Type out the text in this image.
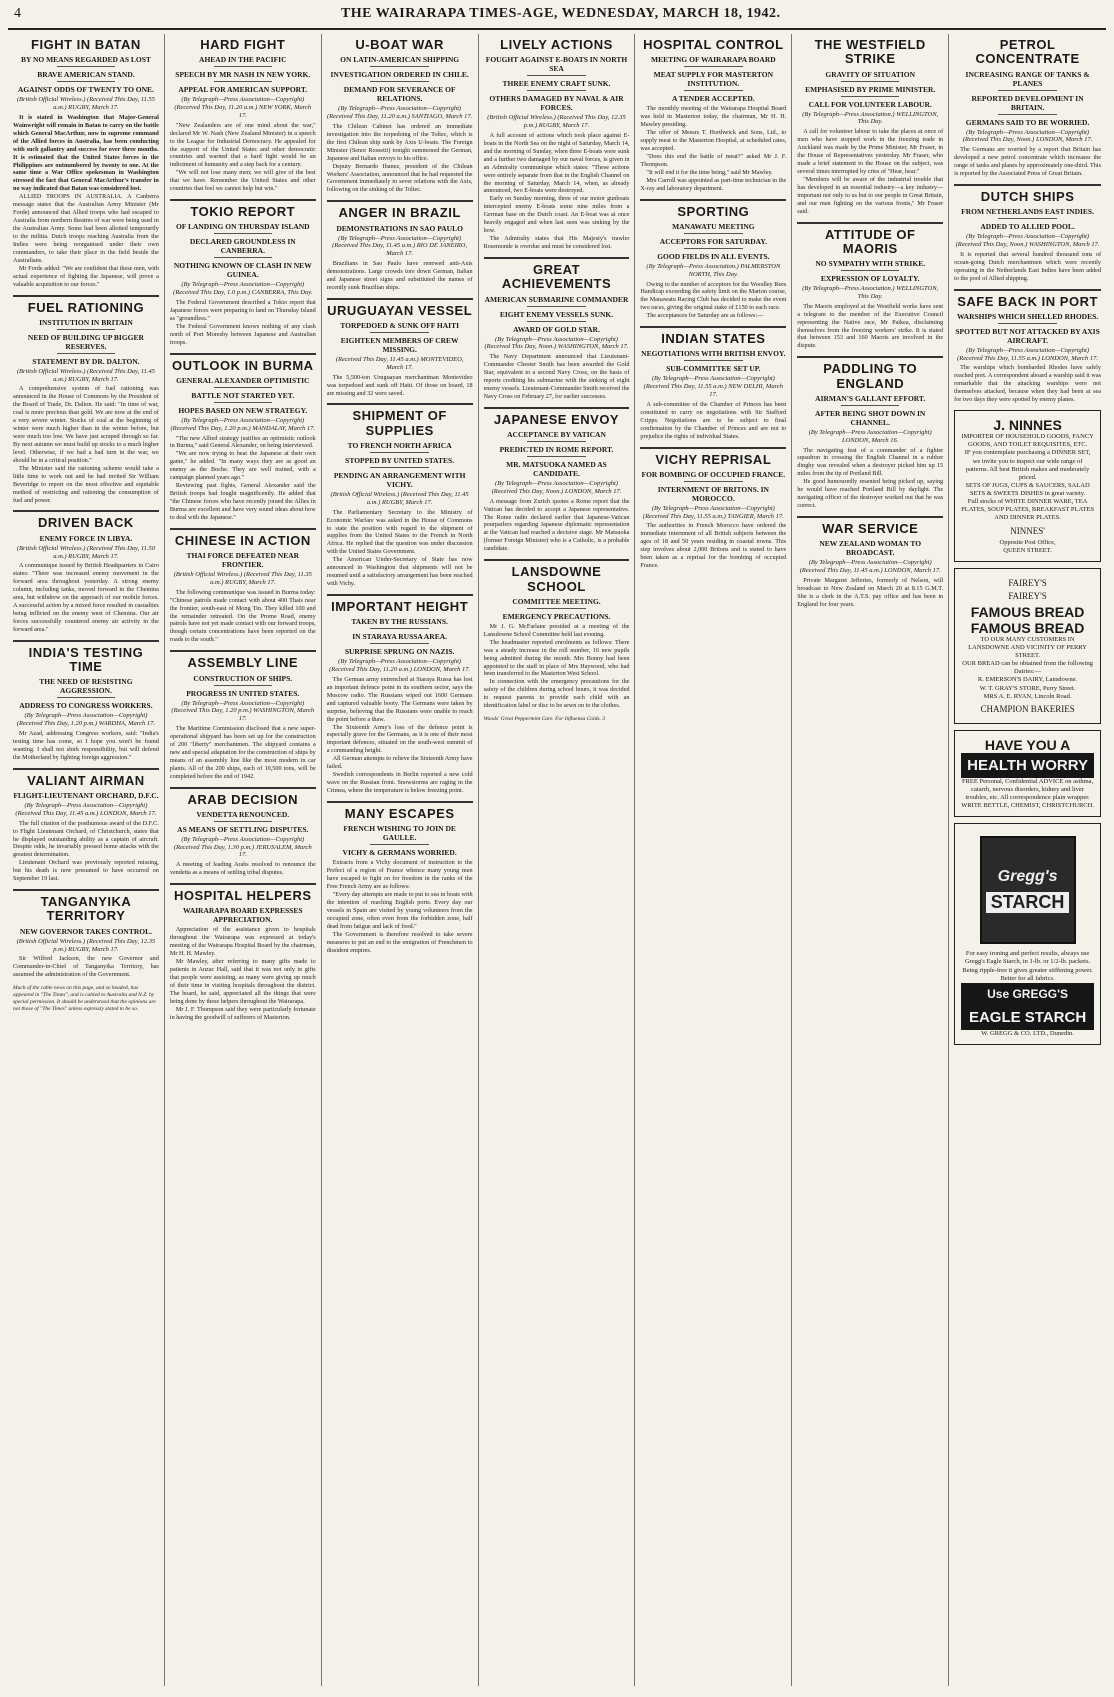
4	THE WAIRARAPA TIMES-AGE, WEDNESDAY, MARCH 18, 1942.
FIGHT IN BATAN
BY NO MEANS REGARDED AS LOST
BRAVE AMERICAN STAND.
AGAINST ODDS OF TWENTY TO ONE.
(British Official Wireless.) (Received This Day, 11.55 a.m.) RUGBY, March 17.

It is stated in Washington that Major-General Wainwright will remain in Batan to carry on the battle which General MacArthur, now in supreme command of the Allied forces in Australia, has been conducting with such gallantry and success for over three months. It is estimated that the United States forces in the Philippines are outnumbered by twenty to one. At the same time a War Office spokesman in Washington stressed the fact that General MacArthur's transfer in no way indicated that Batan was considered lost.

ALLIED TROOPS IN AUSTRALIA. A Canberra message states that the Australian Army Minister (Mr Forde) announced that Allied troops who had escaped to Australia from northern theatres of war were being used in the Australian Army. Some had been allotted temporarily to the militia. Dutch troops reaching Australia from the Indies were being reorganised under their own commanders, to take their place in the field beside the Australians.

Mr Forde added: "We are confident that these men, with actual experience of fighting the Japanese, will prove a valuable acquisition to our forces."

FUEL RATIONING
INSTITUTION IN BRITAIN
NEED OF BUILDING UP BIGGER RESERVES.
STATEMENT BY DR. DALTON.
(British Official Wireless.) (Received This Day, 11.45 a.m.) RUGBY, March 17.

A comprehensive system of fuel rationing was announced in the House of Commons by the President of the Board of Trade, Dr. Dalton. He said: "In time of war, coal is more precious than gold. We are now at the end of a very severe winter. Stocks of coal at the beginning of winter were much higher than in the winter before, but were much too low. We have just scraped through so far. By next autumn we must build up stocks to a much higher level. Otherwise, if we had a bad turn in the war, we should be in a critical position."

The Minister said the rationing scheme would take a little time to work out and he had invited Sir William Beveridge to report on the most effective and equitable method of restricting and rationing the consumption of fuel and power.

DRIVEN BACK
ENEMY FORCE IN LIBYA.
(British Official Wireless.) (Received This Day, 11.50 a.m.) RUGBY, March 17.

A communique issued by British Headquarters in Cairo states: "There was increased enemy movement in the forward area throughout yesterday. A strong enemy column, including tanks, moved forward in the Chemina area, but withdrew on the approach of our mobile forces. A successful action by a mixed force resulted in casualties being inflicted on the enemy west of Chemina. Our air forces successfully countered enemy air activity in the forward area."

INDIA'S TESTING TIME
THE NEED OF RESISTING AGGRESSION.
ADDRESS TO CONGRESS WORKERS.
(By Telegraph—Press Association—Copyright) (Received This Day, 1.20 p.m.) WARDHA, March 17.

Mr Azad, addressing Congress workers, said: "India's testing time has come, so I hope you won't be found wanting. I shall not shirk responsibility, but will defend the Motherland by fighting foreign aggression."

VALIANT AIRMAN
FLIGHT-LIEUTENANT ORCHARD, D.F.C.
(By Telegraph—Press Association—Copyright) (Received This Day, 11.45 a.m.) LONDON, March 17.

The full citation of the posthumous award of the D.F.C. to Flight Lieutenant Orchard, of Christchurch, states that he displayed outstanding ability as a captain of aircraft. Despite odds, he invariably pressed home attacks with the greatest determination.

Lieutenant Orchard was previously reported missing, but his death is now presumed to have occurred on September 19 last.

TANGANYIKA TERRITORY
NEW GOVERNOR TAKES CONTROL.
(British Official Wireless.) (Received This Day, 12.35 p.m.) RUGBY, March 17.

Sir Wilfred Jackson, the new Governor and Commander-in-Chief of Tanganyika Territory, has assumed the administration of the Government.

Much of the cable news on this page, and so headed, has appeared in "The Times", and is cabled to Australia and N.Z. by special permission. It should be understood that the opinions are not those of "The Times" unless expressly stated to be so.
HARD FIGHT
AHEAD IN THE PACIFIC
SPEECH BY MR NASH IN NEW YORK.
APPEAL FOR AMERICAN SUPPORT.
(By Telegraph—Press Association—Copyright) (Received This Day, 11.20 a.m.) NEW YORK, March 17.

"New Zealanders are of one mind about the war," declared Mr W. Nash (New Zealand Minister) in a speech to the League for Industrial Democracy. He appealed for the support of the United States and other democratic countries and warned that a hard fight would be an indictment of humanity and a step back for a century.

"We will not lose many men; we will give of the best that we have. Remember the United States and other countries that feel we cannot help but win."

TOKIO REPORT
OF LANDING ON THURSDAY ISLAND
DECLARED GROUNDLESS IN CANBERRA.
NOTHING KNOWN OF CLASH IN NEW GUINEA.
(By Telegraph—Press Association—Copyright) (Received This Day, 1.0 p.m.) CANBERRA, This Day.

The Federal Government described a Tokio report that Japanese forces were preparing to land on Thursday Island as "groundless."

The Federal Government knows nothing of any clash north of Port Moresby between Japanese and Australian troops.

OUTLOOK IN BURMA
GENERAL ALEXANDER OPTIMISTIC
BATTLE NOT STARTED YET.
HOPES BASED ON NEW STRATEGY.
(By Telegraph—Press Association—Copyright) (Received This Day, 1.20 p.m.) MANDALAY, March 17.

"The new Allied strategy justifies an optimistic outlook in Burma," said General Alexander, on being interviewed.

"We are now trying to beat the Japanese at their own game," he added. "In many ways they are as good an enemy as the Boche. They are well trained, with a campaign planned years ago."

Reviewing past fights, General Alexander said the British troops had fought magnificently. He added that "the Chinese forces who have recently joined the Allies in Burma are excellent and have very sound ideas about how to deal with the Japanese."

CHINESE IN ACTION
THAI FORCE DEFEATED NEAR FRONTIER.
(British Official Wireless.) (Received This Day, 11.35 a.m.) RUGBY, March 17.

The following communique was issued in Burma today: "Chinese patrols made contact with about 400 Thais near the frontier, south-east of Mong Tin. They killed 100 and the remainder retreated. On the Prome Road, enemy patrols have not yet made contact with our forward troops, though certain concentrations have been reported on the roads to the south."

ASSEMBLY LINE
CONSTRUCTION OF SHIPS.
PROGRESS IN UNITED STATES.
(By Telegraph—Press Association—Copyright) (Received This Day, 1.20 p.m.) WASHINGTON, March 17.

The Maritime Commission disclosed that a new super-operational shipyard has been set up for the construction of 200 "liberty" merchantmen. The shipyard contains a new and special adaptation for the construction of ships by means of an assembly line like the most modern in car plants. All of the 200 ships, each of 10,500 tons, will be completed before the end of 1942.

ARAB DECISION
VENDETTA RENOUNCED.
AS MEANS OF SETTLING DISPUTES.
(By Telegraph—Press Association—Copyright) (Received This Day, 1.30 p.m.) JERUSALEM, March 17.

A meeting of leading Arabs resolved to renounce the vendetta as a means of settling tribal disputes.

HOSPITAL HELPERS
WAIRARAPA BOARD EXPRESSES APPRECIATION.

Appreciation of the assistance given to hospitals throughout the Wairarapa was expressed at today's meeting of the Wairarapa Hospital Board by the chairman, Mr H. H. Mawley.

Mr Mawley, after referring to many gifts made to patients in Anzac Hall, said that it was not only in gifts that people were assisting, as many were giving up much of their time in visiting hospitals throughout the district. The board, he said, appreciated all the things that were being done by these helpers throughout the Wairarapa.

Mr J. F. Thompson said they were particularly fortunate in having the goodwill of sufferers of Masterton.

U-BOAT WAR
ON LATIN-AMERICAN SHIPPING
INVESTIGATION ORDERED IN CHILE.
DEMAND FOR SEVERANCE OF RELATIONS.
(By Telegraph—Press Association—Copyright) (Received This Day, 11.20 a.m.) SANTIAGO, March 17.

The Chilean Cabinet has ordered an immediate investigation into the torpedoing of the Toltec, which is the first Chilean ship sunk by Axis U-boats. The Foreign Minister (Senor Rossetti) tonight summoned the German, Japanese and Italian envoys to his office.

Deputy Bernardo Ibanez, president of the Chilean Workers' Association, announced that he had requested the Government immediately to sever relations with the Axis, following on the sinking of the Toltec.

ANGER IN BRAZIL
DEMONSTRATIONS IN SAO PAULO
(By Telegraph—Press Association—Copyright) (Received This Day, 11.45 a.m.) RIO DE JANEIRO, March 17.

Brazilians in Sao Paulo have renewed anti-Axis demonstrations. Large crowds tore down German, Italian and Japanese street signs and substituted the names of recently sunk Brazilian ships.

URUGUAYAN VESSEL
TORPEDOED & SUNK OFF HAITI
EIGHTEEN MEMBERS OF CREW MISSING.
(Received This Day, 11.45 a.m.) MONTEVIDEO, March 17.

The 5,500-ton Uruguayan merchantman Montevideo was torpedoed and sunk off Haiti. Of those on board, 18 are missing and 32 were saved.

SHIPMENT OF SUPPLIES
TO FRENCH NORTH AFRICA
STOPPED BY UNITED STATES.
PENDING AN ARRANGEMENT WITH VICHY.
(British Official Wireless.) (Received This Day, 11.45 a.m.) RUGBY, March 17.

The Parliamentary Secretary to the Ministry of Economic Warfare was asked in the House of Commons to state the position with regard to the shipment of supplies from the United States to the French in North Africa. He replied that the question was under discussion with the United States Government.

The American Under-Secretary of State has now announced in Washington that shipments will not be resumed until a satisfactory arrangement has been reached with Vichy.

IMPORTANT HEIGHT
TAKEN BY THE RUSSIANS.
IN STARAYA RUSSA AREA.
SURPRISE SPRUNG ON NAZIS.
(By Telegraph—Press Association—Copyright) (Received This Day, 11.20 a.m.) LONDON, March 17.

The German army entrenched at Staraya Russa has lost an important defence point in its southern sector, says the Moscow radio. The Russians wiped out 1600 Germans and captured valuable booty. The Germans were taken by surprise, believing that the Russians were unable to reach the point before a thaw.

The Sixteenth Army's loss of the defence point is especially grave for the Germans, as it is one of their most important defences, situated on the south-west summit of a commanding height.

All German attempts to relieve the Sixteenth Army have failed.

Swedish correspondents in Berlin reported a new cold wave on the Russian front. Snowstorms are raging in the Crimea, where the temperature is below freezing point.

MANY ESCAPES
FRENCH WISHING TO JOIN DE GAULLE.
VICHY & GERMANS WORRIED.

Extracts from a Vichy document of instruction to the Prefect of a region of France whence many young men have escaped to fight on for freedom in the ranks of the Free French Army are as follows:

"Every day attempts are made to put to sea in boats with the intention of reaching English ports. Every day our vessels in Spain are visited by young volunteers from the occupied zone, often even from the forbidden zone, half dead from fatigue and lack of food."

The Government is therefore resolved to take severe measures to put an end to the emigration of Frenchmen to dissident empires.

LIVELY ACTIONS
FOUGHT AGAINST E-BOATS IN NORTH SEA
THREE ENEMY CRAFT SUNK.
OTHERS DAMAGED BY NAVAL & AIR FORCES.
(British Official Wireless.) (Received This Day, 12.35 p.m.) RUGBY, March 17.

A full account of actions which took place against E-boats in the North Sea on the night of Saturday, March 14, and the morning of Sunday, when three E-boats were sunk and a further two damaged by our naval forces, is given in an Admiralty communique which states: "These actions were entirely separate from that in the English Channel on the morning of Saturday, March 14, when, as already announced, two E-boats were destroyed.

Early on Sunday morning, three of our motor gunboats intercepted enemy E-boats some nine miles from a German base on the Dutch coast. An E-boat was at once heavily engaged and when last seen was sinking by the bow.

The Admiralty states that His Majesty's trawler Rosemonde is overdue and must be considered lost.

GREAT ACHIEVEMENTS
AMERICAN SUBMARINE COMMANDER
EIGHT ENEMY VESSELS SUNK.
AWARD OF GOLD STAR.
(By Telegraph—Press Association—Copyright) (Received This Day, Noon.) WASHINGTON, March 17.

The Navy Department announced that Lieutenant-Commander Chester Smith has been awarded the Gold Star, equivalent to a second Navy Cross, on the basis of reports crediting his submarine with the sinking of eight enemy vessels. Lieutenant-Commander Smith received the Navy Cross on February 27, for earlier successes.

JAPANESE ENVOY
ACCEPTANCE BY VATICAN
PREDICTED IN ROME REPORT.
MR. MATSUOKA NAMED AS CANDIDATE.
(By Telegraph—Press Association—Copyright) (Received This Day, Noon.) LONDON, March 17.

A message from Zurich quotes a Rome report that the Vatican has decided to accept a Japanese representative. The Rome radio declared earlier that Japanese-Vatican pourparlers regarding Japanese diplomatic representation at the Vatican had reached a decisive stage. Mr Matsuoka (former Foreign Minister) who is a Catholic, is a probable candidate.

LANSDOWNE SCHOOL
COMMITTEE MEETING.
EMERGENCY PRECAUTIONS.

Mr J. G. McFarlane presided at a meeting of the Lansdowne School Committee held last evening.

The headmaster reported enrolments as follows: There was a steady increase in the roll number, 16 new pupils being admitted during the month. Mrs Bonny had been appointed to the staff in place of Mrs Haywood, who had been transferred to the Masterton West School.

In connection with the emergency precautions for the safety of the children during school hours, it was decided to request parents to provide each child with an identification label or disc to be sewn on to the clothes.

Woods' Great Peppermint Cure. For Influenza Colds. 3
HOSPITAL CONTROL
MEETING OF WAIRARAPA BOARD
MEAT SUPPLY FOR MASTERTON INSTITUTION.
A TENDER ACCEPTED.

The monthly meeting of the Wairarapa Hospital Board was held in Masterton today, the chairman, Mr H. H. Mawley presiding.

The offer of Messrs T. Horthwick and Sons, Ltd., to supply meat to the Masterton Hospital, at scheduled rates, was accepted.

"Does this end the battle of meat?" asked Mr J. F. Thompson.

"It will end it for the time being," said Mr Mawley.

Mrs Carroll was appointed as part-time technician in the X-ray and laboratory department.

SPORTING
MANAWATU MEETING
ACCEPTORS FOR SATURDAY.
GOOD FIELDS IN ALL EVENTS.
(By Telegraph—Press Association.) PALMERSTON NORTH, This Day.

Owing to the number of acceptors for the Woodley Rees Handicap exceeding the safety limit on the Marton course, the Manawatu Racing Club has decided to make the event two races, giving the original stake of £150 to each race.

The acceptances for Saturday are as follows:—

INDIAN STATES
NEGOTIATIONS WITH BRITISH ENVOY.
SUB-COMMITTEE SET UP.
(By Telegraph—Press Association—Copyright) (Received This Day, 11.55 a.m.) NEW DELHI, March 17.

A sub-committee of the Chamber of Princes has been constituted to carry on negotiations with Sir Stafford Cripps. Negotiations are to be subject to final confirmation by the Chamber of Princes and are not to prejudice the rights of individual States.

VICHY REPRISAL
FOR BOMBING OF OCCUPIED FRANCE.
INTERNMENT OF BRITONS. IN MOROCCO.
(By Telegraph—Press Association—Copyright) (Received This Day, 11.55 a.m.) TANGIER, March 17.

The authorities in French Morocco have ordered the immediate internment of all British subjects between the ages of 18 and 50 years residing in coastal towns. This step involves about 2,000 Britons and is stated to have been taken as a reprisal for the bombing of occupied France.

THE WESTFIELD STRIKE
GRAVITY OF SITUATION
EMPHASISED BY PRIME MINISTER.
CALL FOR VOLUNTEER LABOUR.
(By Telegraph—Press Association.) WELLINGTON, This Day.

A call for volunteer labour to take the places at once of men who have stopped work in the freezing trade in Auckland was made by the Prime Minister, Mr Fraser, in the House of Representatives yesterday. Mr Fraser, who made a brief statement to the House on the subject, was several times interrupted by cries of "Hear, hear."

"Members will be aware of the industrial trouble that has developed in an essential industry—a key industry—important not only to us but to our people in Great Britain, and our men fighting on the various fronts," Mr Fraser said.

ATTITUDE OF MAORIS
NO SYMPATHY WITH STRIKE.
EXPRESSION OF LOYALTY.
(By Telegraph—Press Association.) WELLINGTON, This Day.

The Maoris employed at the Westfield works have sent a telegram to the member of the Executive Council representing the Native race, Mr Paikea, disclaiming themselves from the freezing workers' strike. It is stated that between 153 and 160 Maoris are involved in the dispute.

PADDLING TO ENGLAND
AIRMAN'S GALLANT EFFORT.
AFTER BEING SHOT DOWN IN CHANNEL.
(By Telegraph—Press Association—Copyright) LONDON, March 16.

The navigating feat of a commander of a fighter squadron in crossing the English Channel in a rubber dinghy was revealed when a destroyer picked him up 15 miles from the tip of Portland Bill.

He good humouredly resented being picked up, saying he would have reached Portland Bill by daylight. The navigating officer of the destroyer worked out that he was correct.

WAR SERVICE
NEW ZEALAND WOMAN TO BROADCAST.
(By Telegraph—Press Association—Copyright) (Received This Day, 11.45 a.m.) LONDON, March 17.

Private Margaret Jefferies, formerly of Nelson, will broadcast to New Zealand on March 20 at 8.15 G.M.T. She is a clerk in the A.T.S. pay office and has been in England for four years.

PETROL CONCENTRATE
INCREASING RANGE OF TANKS & PLANES
REPORTED DEVELOPMENT IN BRITAIN.
GERMANS SAID TO BE WORRIED.
(By Telegraph—Press Association—Copyright) (Received This Day, Noon.) LONDON, March 17.

The Germans are worried by a report that Britain has developed a new petrol concentrate which increases the range of tanks and planes by approximately one-third. This is reported by the Associated Press of Great Britain.

DUTCH SHIPS
FROM NETHERLANDS EAST INDIES.
ADDED TO ALLIED POOL.
(By Telegraph—Press Association—Copyright) (Received This Day, Noon.) WASHINGTON, March 17.

It is reported that several hundred thousand tons of ocean-going Dutch merchantmen which were recently operating in the Netherlands East Indies have been added to the pool of Allied shipping.

SAFE BACK IN PORT
WARSHIPS WHICH SHELLED RHODES.
SPOTTED BUT NOT ATTACKED BY AXIS AIRCRAFT.
(By Telegraph—Press Association—Copyright) (Received This Day, 11.55 a.m.) LONDON, March 17.

The warships which bombarded Rhodes have safely reached port. A correspondent aboard a warship said it was remarkable that the attacking warships were not themselves attacked, because when they had been at sea for two days they were spotted by enemy planes.

J. NINNES
IMPORTER OF HOUSEHOLD GOODS, FANCY GOODS, AND TOILET REQUISITES, ETC.
IF you contemplate purchasing a DINNER SET, we invite you to inspect our wide range of patterns. All best British makes and moderately priced.
SETS OF JUGS, CUPS & SAUCERS, SALAD SETS & SWEETS DISHES in great variety.
Full stocks of WHITE DINNER WARE, TEA PLATES, SOUP PLATES, BREAKFAST PLATES AND DINNER PLATES.
NINNES'
Opposite Post Office,
QUEEN STREET.
FAIREY'S
FAIREY'S
FAMOUS BREAD
FAMOUS BREAD
TO OUR MANY CUSTOMERS IN LANSDOWNE AND VICINITY OF PERRY STREET.
OUR BREAD can be obtained from the following Dairies:—
R. EMERSON'S DAIRY, Lansdowne.
W. T. GRAY'S STORE, Perry Street.
MRS A. E. RYAN, Lincoln Road.
CHAMPION BAKERIES
HAVE YOU A
HEALTH WORRY
FREE Personal, Confidential ADVICE on asthma, catarrh, nervous disorders, kidney and liver troubles, etc. All correspondence plain wrapper. WRITE BETTLE, CHEMIST, CHRISTCHURCH.
Gregg's
STARCH
For easy ironing and perfect results, always use Gregg's Eagle Starch, in 1-lb. or 1/2-lb. packets. Being ripple-free it gives greater stiffening power. Better for all fabrics.
Use GREGG'S
EAGLE STARCH
W. GREGG & CO. LTD., Dunedin.
